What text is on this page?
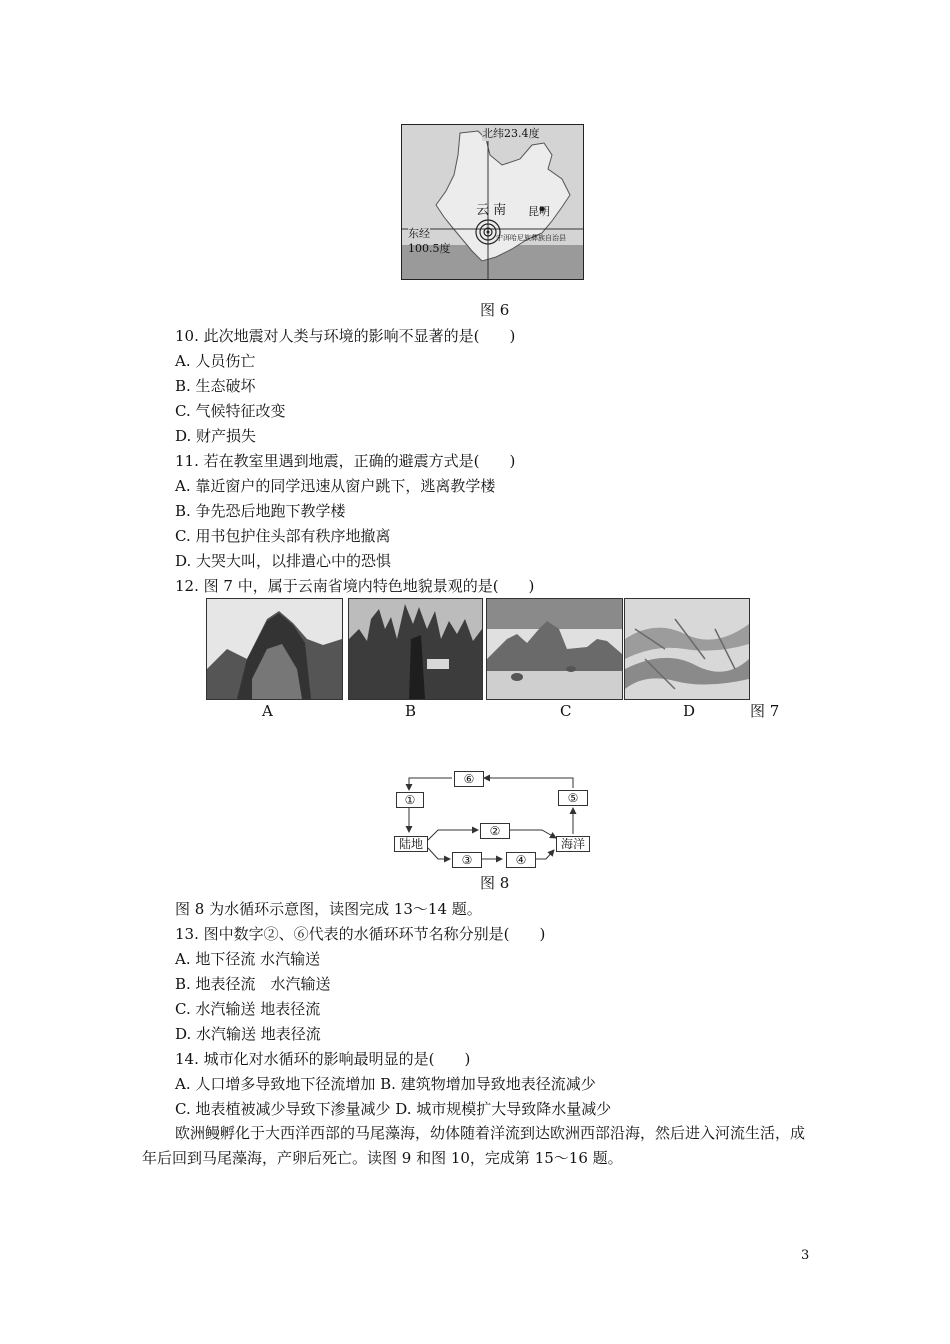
北纬23.4度
云 南 昆明
宁洱哈尼族彝族自治县
东经
100.5度
图 6
10. 此次地震对人类与环境的影响不显著的是(　　)
A. 人员伤亡
B. 生态破坏
C. 气候特征改变
D. 财产损失
11. 若在教室里遇到地震，正确的避震方式是(　　)
A. 靠近窗户的同学迅速从窗户跳下，逃离教学楼
B. 争先恐后地跑下教学楼
C. 用书包护住头部有秩序地撤离
D. 大哭大叫，以排遣心中的恐惧
12. 图 7 中，属于云南省境内特色地貌景观的是(　　)
A	B	C	D	图 7
⑥
①	⑤
②
陆地	海洋
③	④
图 8
图 8 为水循环示意图，读图完成 13～14 题。
13. 图中数字②、⑥代表的水循环环节名称分别是(　　)
A. 地下径流 水汽输送
B. 地表径流　水汽输送
C. 水汽输送 地表径流
D. 水汽输送 地表径流
14. 城市化对水循环的影响最明显的是(　　)
A. 人口增多导致地下径流增加 B. 建筑物增加导致地表径流减少
C. 地表植被减少导致下渗量减少 D. 城市规模扩大导致降水量减少
欧洲鳗孵化于大西洋西部的马尾藻海，幼体随着洋流到达欧洲西部沿海，然后进入河流生活，成年后回到马尾藻海，产卵后死亡。读图 9 和图 10，完成第 15～16 题。
3
